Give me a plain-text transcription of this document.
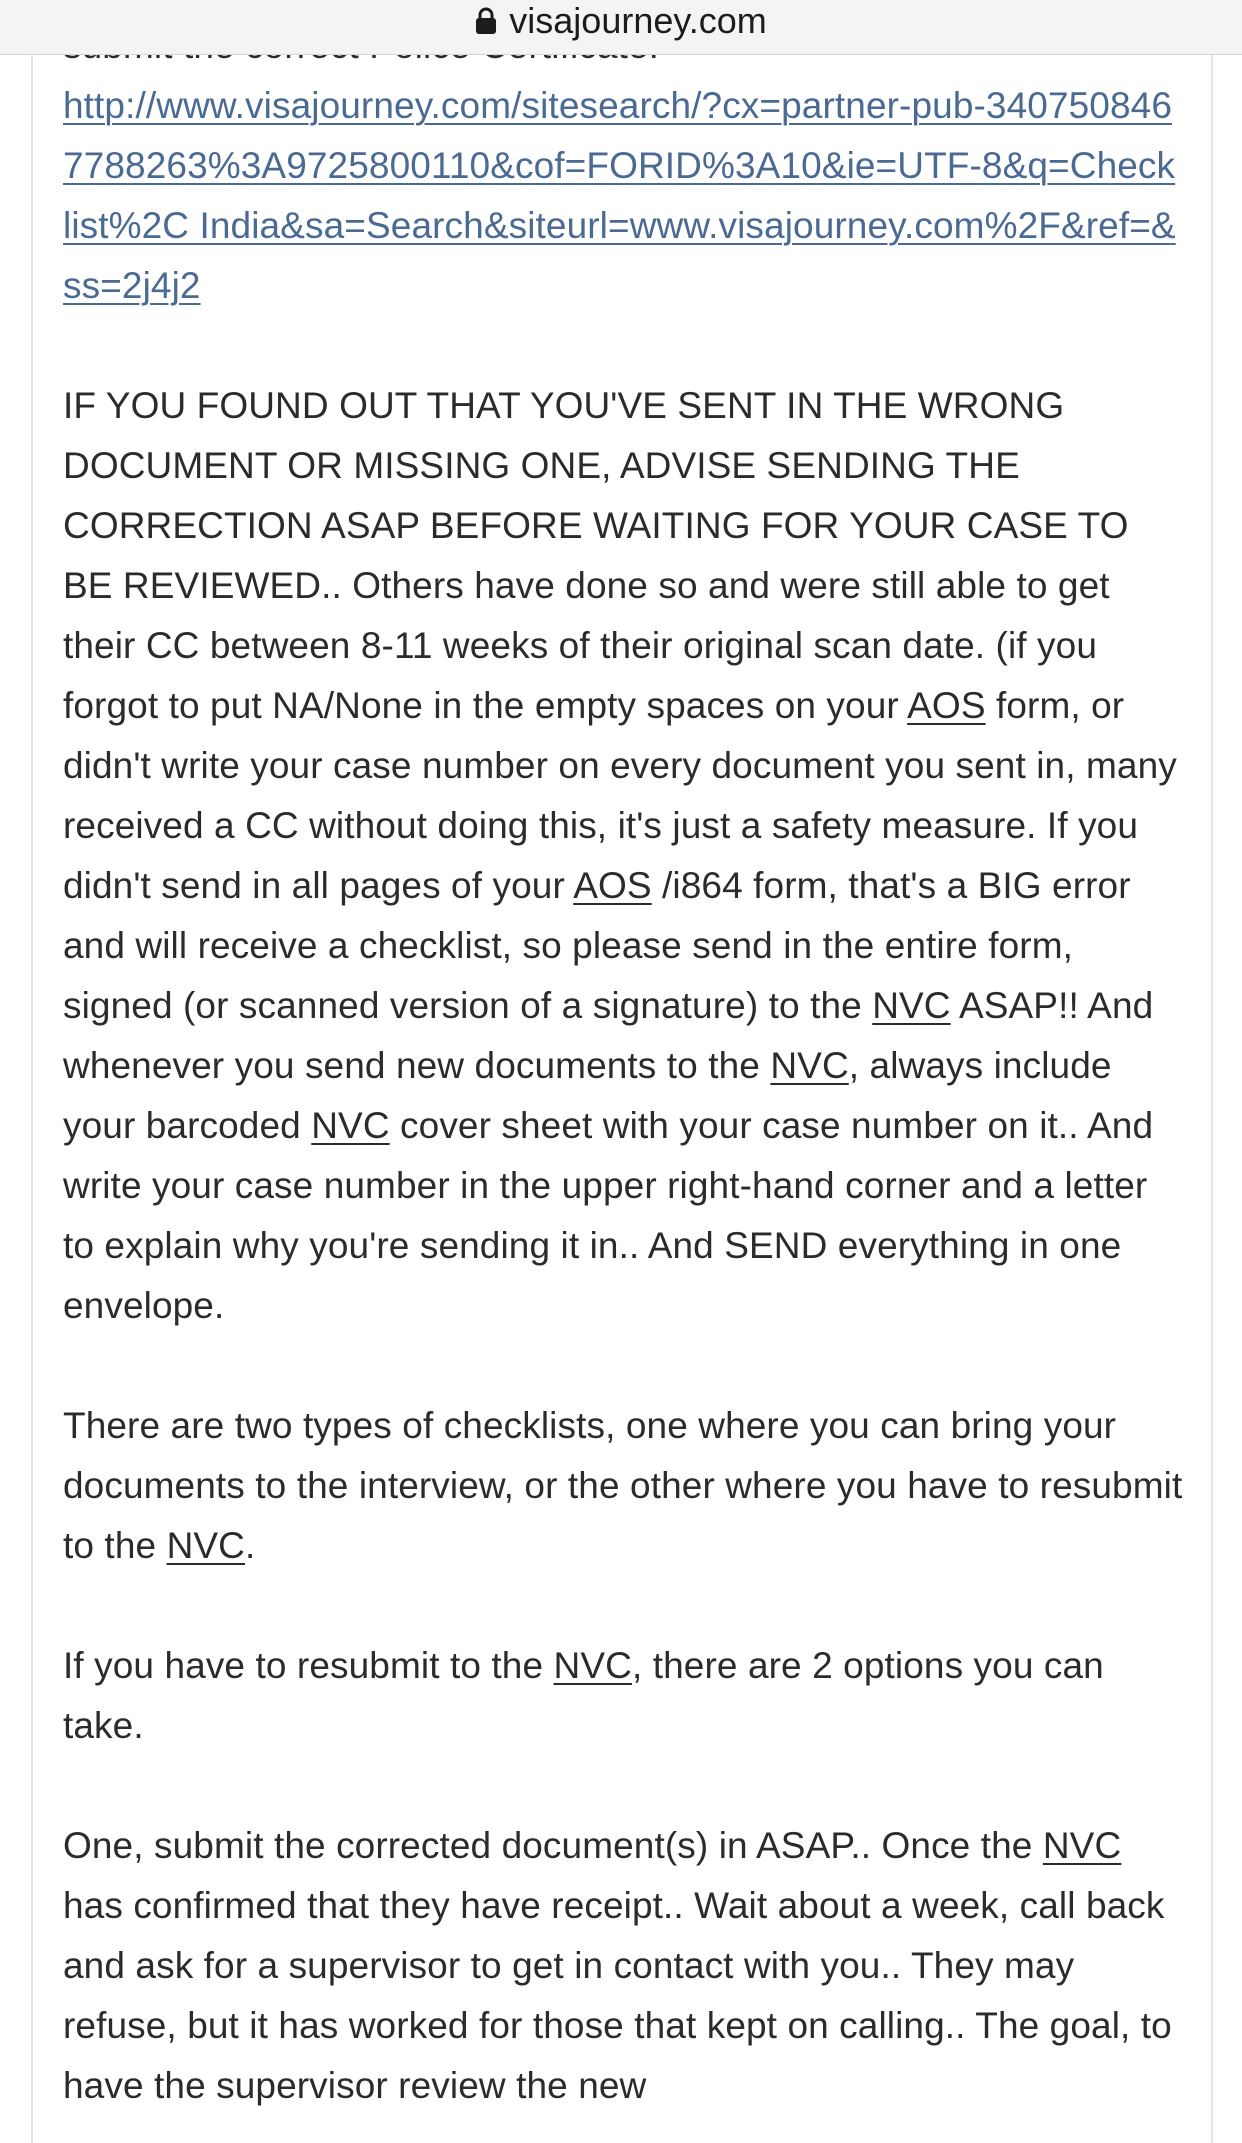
http://www.visajourney.com/sitesearch/?cx=partner-pub-3407508467788263%3A9725800110&cof=FORID%3A10&ie=UTF-8&q=Checklist%2C India&sa=Search&siteurl=www.visajourney.com%2F&ref=&ss=2j4j2

IF YOU FOUND OUT THAT YOU'VE SENT IN THE WRONG DOCUMENT OR MISSING ONE, ADVISE SENDING THE CORRECTION ASAP BEFORE WAITING FOR YOUR CASE TO BE REVIEWED.. Others have done so and were still able to get their CC between 8-11 weeks of their original scan date. (if you forgot to put NA/None in the empty spaces on your AOS form, or didn't write your case number on every document you sent in, many received a CC without doing this, it's just a safety measure. If you didn't send in all pages of your AOS /i864 form, that's a BIG error and will receive a checklist, so please send in the entire form, signed (or scanned version of a signature) to the NVC ASAP!! And whenever you send new documents to the NVC, always include your barcoded NVC cover sheet with your case number on it.. And write your case number in the upper right-hand corner and a letter to explain why you're sending it in.. And SEND everything in one envelope.

There are two types of checklists, one where you can bring your documents to the interview, or the other where you have to resubmit to the NVC.

If you have to resubmit to the NVC, there are 2 options you can take.

One, submit the corrected document(s) in ASAP.. Once the NVC has confirmed that they have receipt.. Wait about a week, call back and ask for a supervisor to get in contact with you.. They may refuse, but it has worked for those that kept on calling.. The goal, to have the supervisor review the new

visajourney.com
